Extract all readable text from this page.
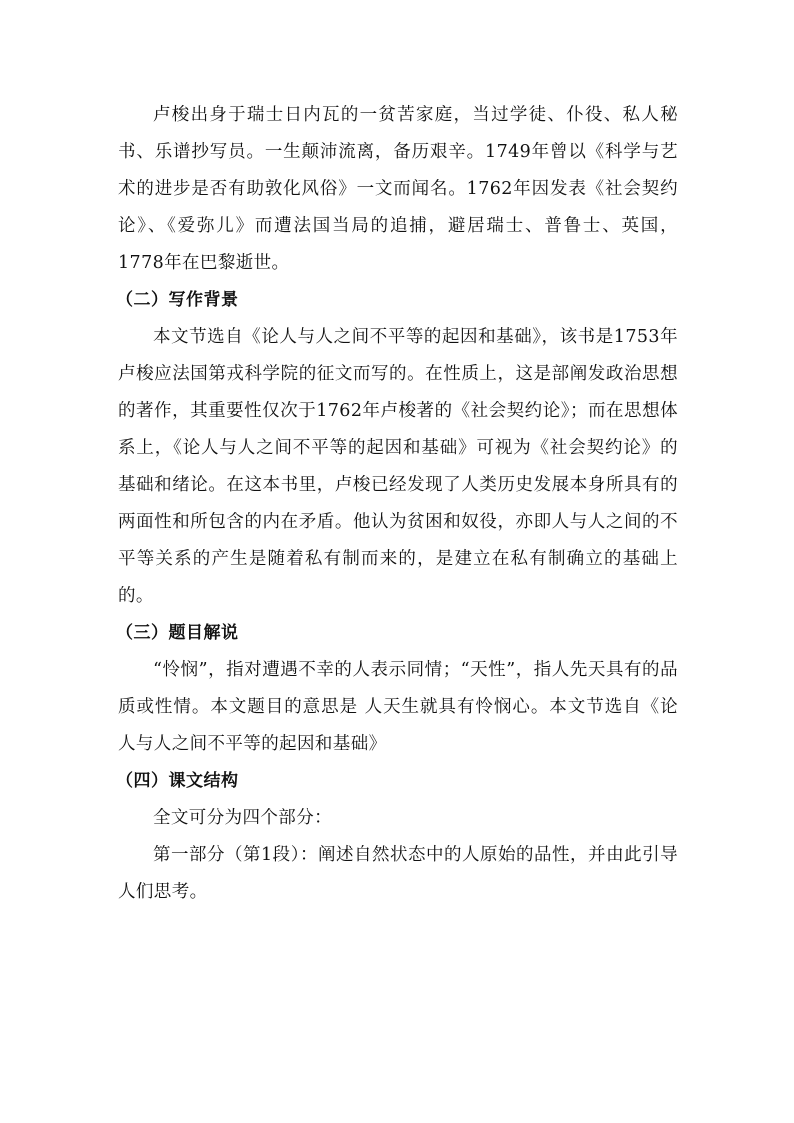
卢梭出身于瑞士日内瓦的一贫苦家庭，当过学徒、仆役、私人秘书、乐谱抄写员。一生颠沛流离，备历艰辛。1749年曾以《科学与艺术的进步是否有助敦化风俗》一文而闻名。1762年因发表《社会契约论》、《爱弥儿》而遭法国当局的追捕，避居瑞士、普鲁士、英国，1778年在巴黎逝世。

（二）写作背景

本文节选自《论人与人之间不平等的起因和基础》，该书是1753年卢梭应法国第戎科学院的征文而写的。在性质上，这是部阐发政治思想的著作，其重要性仅次于1762年卢梭著的《社会契约论》；而在思想体系上，《论人与人之间不平等的起因和基础》可视为《社会契约论》的基础和绪论。在这本书里，卢梭已经发现了人类历史发展本身所具有的两面性和所包含的内在矛盾。他认为贫困和奴役，亦即人与人之间的不平等关系的产生是随着私有制而来的，是建立在私有制确立的基础上的。

（三）题目解说

“怜悯”，指对遭遇不幸的人表示同情；“天性”，指人先天具有的品质或性情。本文题目的意思是 人天生就具有怜悯心。本文节选自《论人与人之间不平等的起因和基础》

（四）课文结构

全文可分为四个部分：

第一部分（第1段）：阐述自然状态中的人原始的品性，并由此引导人们思考。
